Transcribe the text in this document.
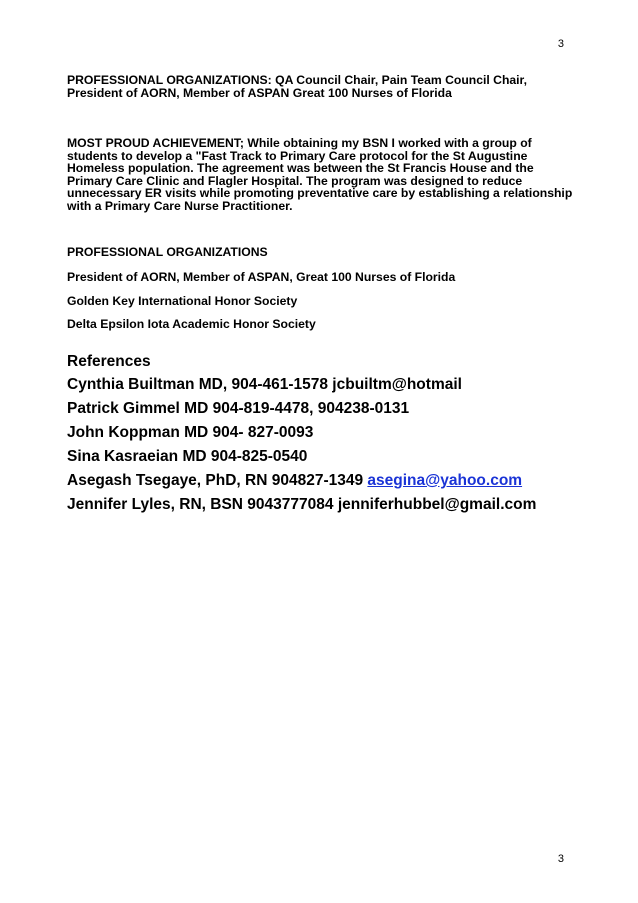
3

PROFESSIONAL ORGANIZATIONS: QA Council Chair, Pain Team Council Chair, President of AORN, Member of ASPAN Great 100 Nurses of Florida

MOST PROUD ACHIEVEMENT; While obtaining my BSN I worked with a group of students to develop a "Fast Track to Primary Care protocol for the St Augustine Homeless population. The agreement was between the St Francis House and the Primary Care Clinic and Flagler Hospital. The program was designed to reduce unnecessary ER visits while promoting preventative care by establishing a relationship with a Primary Care Nurse Practitioner.

PROFESSIONAL ORGANIZATIONS

President of AORN, Member of ASPAN, Great 100 Nurses of Florida

Golden Key International Honor Society

Delta Epsilon Iota Academic Honor Society

References

Cynthia Builtman MD, 904-461-1578 jcbuiltm@hotmail

Patrick Gimmel MD 904-819-4478, 904238-0131

John Koppman MD 904- 827-0093

Sina Kasraeian MD 904-825-0540

Asegash Tsegaye, PhD, RN 904827-1349 asegina@yahoo.com

Jennifer Lyles, RN, BSN 9043777084 jenniferhubbel@gmail.com

3
